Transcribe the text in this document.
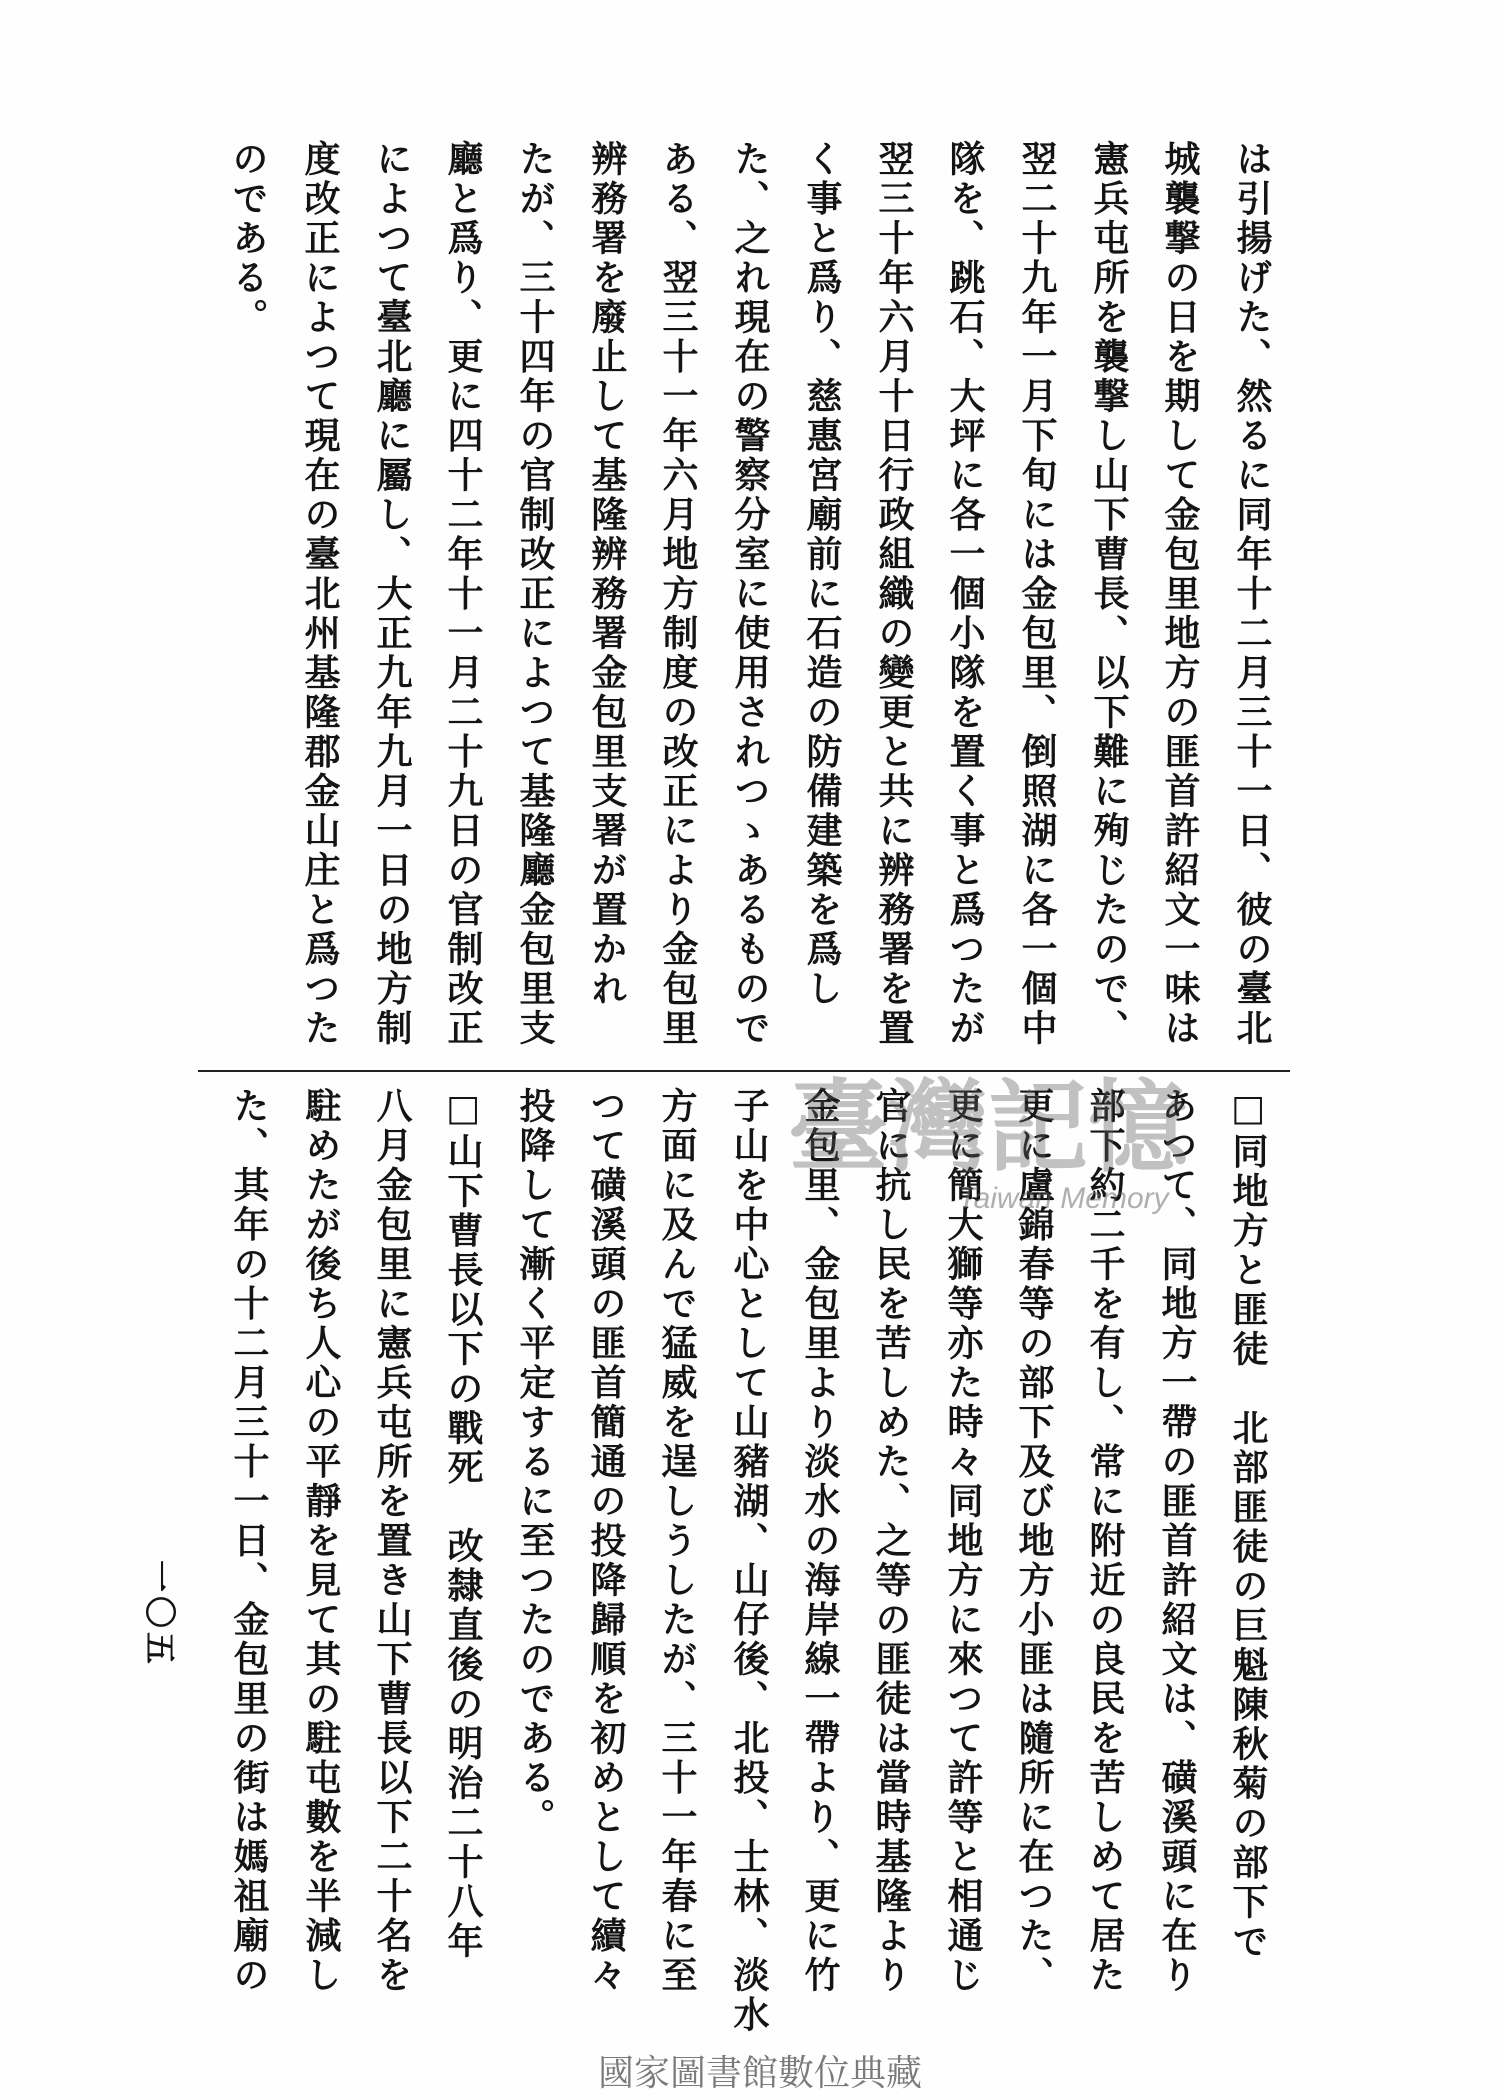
は引揚げた、然るに同年十二月三十一日、彼の臺北
城襲撃の日を期して金包里地方の匪首許紹文一味は
憲兵屯所を襲撃し山下曹長、以下難に殉じたので、
翌二十九年一月下旬には金包里、倒照湖に各一個中
隊を、跳石、大坪に各一個小隊を置く事と爲つたが
翌三十年六月十日行政組織の變更と共に辨務署を置
く事と爲り、慈惠宮廟前に石造の防備建築を爲し
た、之れ現在の警察分室に使用されつゝあるもので
ある、翌三十一年六月地方制度の改正により金包里
辨務署を廢止して基隆辨務署金包里支署が置かれ
たが、三十四年の官制改正によつて基隆廳金包里支
廳と爲り、更に四十二年十一月二十九日の官制改正
によつて臺北廳に屬し、大正九年九月一日の地方制
度改正によつて現在の臺北州基隆郡金山庄と爲つた
のである。
□同地方と匪徒北部匪徒の巨魁陳秋菊の部下で
あつて、同地方一帶の匪首許紹文は、磺溪頭に在り
部下約二千を有し、常に附近の良民を苦しめて居た
更に盧錦春等の部下及び地方小匪は隨所に在つた、
更に簡大獅等亦た時々同地方に來つて許等と相通じ
官に抗し民を苦しめた、之等の匪徒は當時基隆より
金包里、金包里より淡水の海岸線一帶より、更に竹
子山を中心として山豬湖、山仔後、北投、士林、淡水
方面に及んで猛威を逞しうしたが、三十一年春に至
つて磺溪頭の匪首簡通の投降歸順を初めとして續々
投降して漸く平定するに至つたのである。
□山下曹長以下の戰死改隸直後の明治二十八年
八月金包里に憲兵屯所を置き山下曹長以下二十名を
駐めたが後ち人心の平靜を見て其の駐屯數を半減し
た、其年の十二月三十一日、金包里の街は媽祖廟の
一〇五
臺灣記憶
Taiwan Memory
國家圖書館數位典藏
